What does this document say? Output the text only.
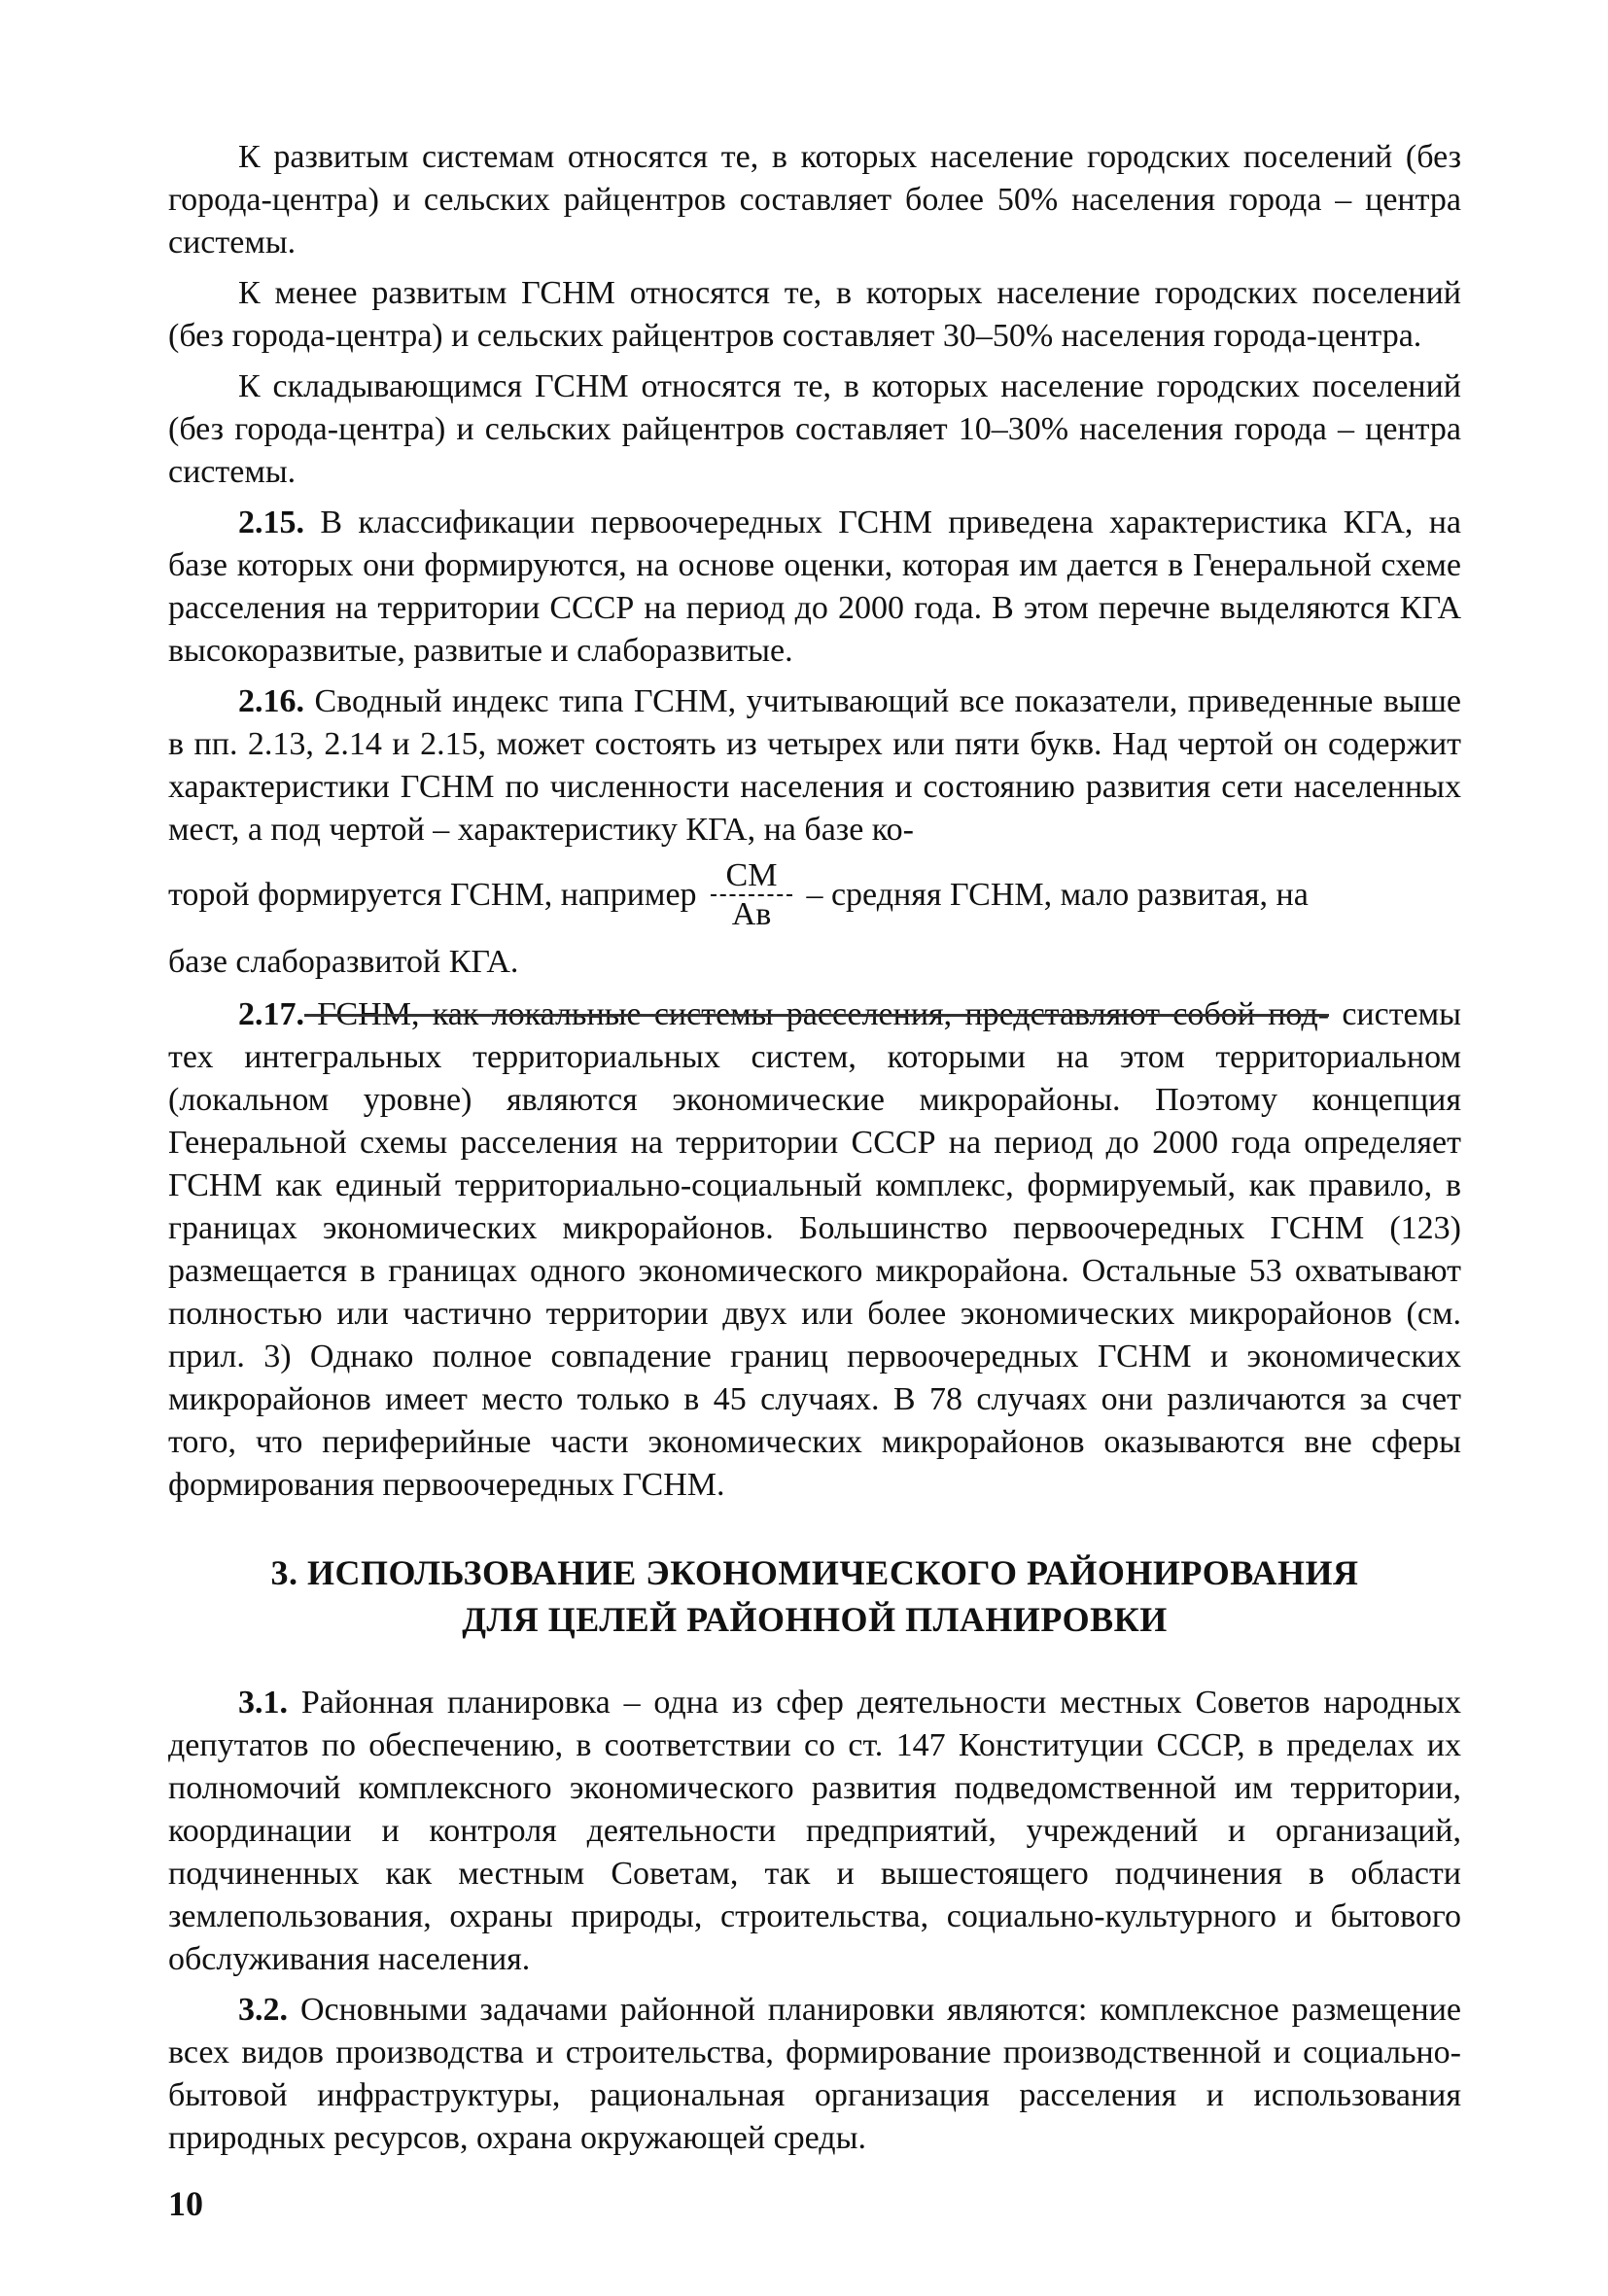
К развитым системам относятся те, в которых население городских поселений (без города-центра) и сельских райцентров составляет более 50% населения города – центра системы.

К менее развитым ГСНМ относятся те, в которых население городских поселений (без города-центра) и сельских райцентров составляет 30–50% населения города-центра.

К складывающимся ГСНМ относятся те, в которых население городских поселений (без города-центра) и сельских райцентров составляет 10–30% населения города – центра системы.

2.15. В классификации первоочередных ГСНМ приведена характеристика КГА, на базе которых они формируются, на основе оценки, которая им дается в Генеральной схеме расселения на территории СССР на период до 2000 года. В этом перечне выделяются КГА высокоразвитые, развитые и слаборазвитые.

2.16. Сводный индекс типа ГСНМ, учитывающий все показатели, приведенные выше в пп. 2.13, 2.14 и 2.15, может состоять из четырех или пяти букв. Над чертой он содержит характеристики ГСНМ по численности населения и состоянию развития сети населенных мест, а под чертой – характеристику КГА, на базе ко-

торой формируется ГСНМ, например $\frac{СМ}{Ав}$ – средняя ГСНМ, мало развитая, на

базе слаборазвитой КГА.

2.17. ГСНМ, как локальные системы расселения, представляют собой под- системы тех интегральных территориальных систем, которыми на этом территориальном (локальном уровне) являются экономические микрорайоны. Поэтому концепция Генеральной схемы расселения на территории СССР на период до 2000 года определяет ГСНМ как единый территориально-социальный комплекс, формируемый, как правило, в границах экономических микрорайонов. Большинство первоочередных ГСНМ (123) размещается в границах одного экономического микрорайона. Остальные 53 охватывают полностью или частично территории двух или более экономических микрорайонов (см. прил. 3) Однако полное совпадение границ первоочередных ГСНМ и экономических микрорайонов имеет место только в 45 случаях. В 78 случаях они различаются за счет того, что периферийные части экономических микрорайонов оказываются вне сферы формирования первоочередных ГСНМ.

3. ИСПОЛЬЗОВАНИЕ ЭКОНОМИЧЕСКОГО РАЙОНИРОВАНИЯ
ДЛЯ ЦЕЛЕЙ РАЙОННОЙ ПЛАНИРОВКИ

3.1. Районная планировка – одна из сфер деятельности местных Советов народных депутатов по обеспечению, в соответствии со ст. 147 Конституции СССР, в пределах их полномочий комплексного экономического развития подведомственной им территории, координации и контроля деятельности предприятий, учреждений и организаций, подчиненных как местным Советам, так и вышестоящего подчинения в области землепользования, охраны природы, строительства, социально-культурного и бытового обслуживания населения.

3.2. Основными задачами районной планировки являются: комплексное размещение всех видов производства и строительства, формирование производственной и социально-бытовой инфраструктуры, рациональная организация расселения и использования природных ресурсов, охрана окружающей среды.

10
